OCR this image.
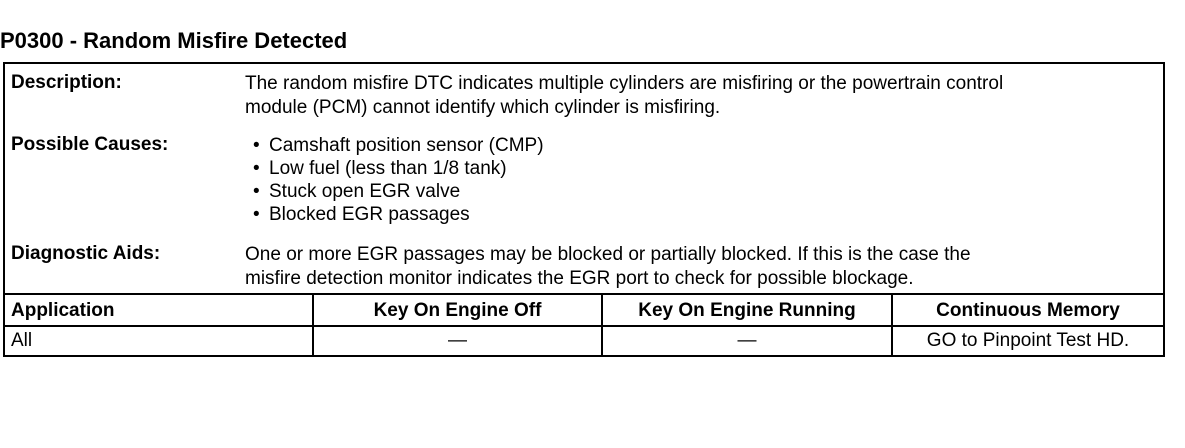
P0300 - Random Misfire Detected
Description:	The random misfire DTC indicates multiple cylinders are misfiring or the powertrain control
module (PCM) cannot identify which cylinder is misfiring.
Possible Causes:
•	Camshaft position sensor (CMP)
• Low fuel (less than 1/8 tank)
• Stuck open EGR valve
• Blocked EGR passages
Diagnostic Aids:	One or more EGR passages may be blocked or partially blocked. If this is the case the
misfire detection monitor indicates the EGR port to check for possible blockage.
Application	Key On Engine Off	Key On Engine Running	Continuous Memory
All	—	—	GO to Pinpoint Test HD.
